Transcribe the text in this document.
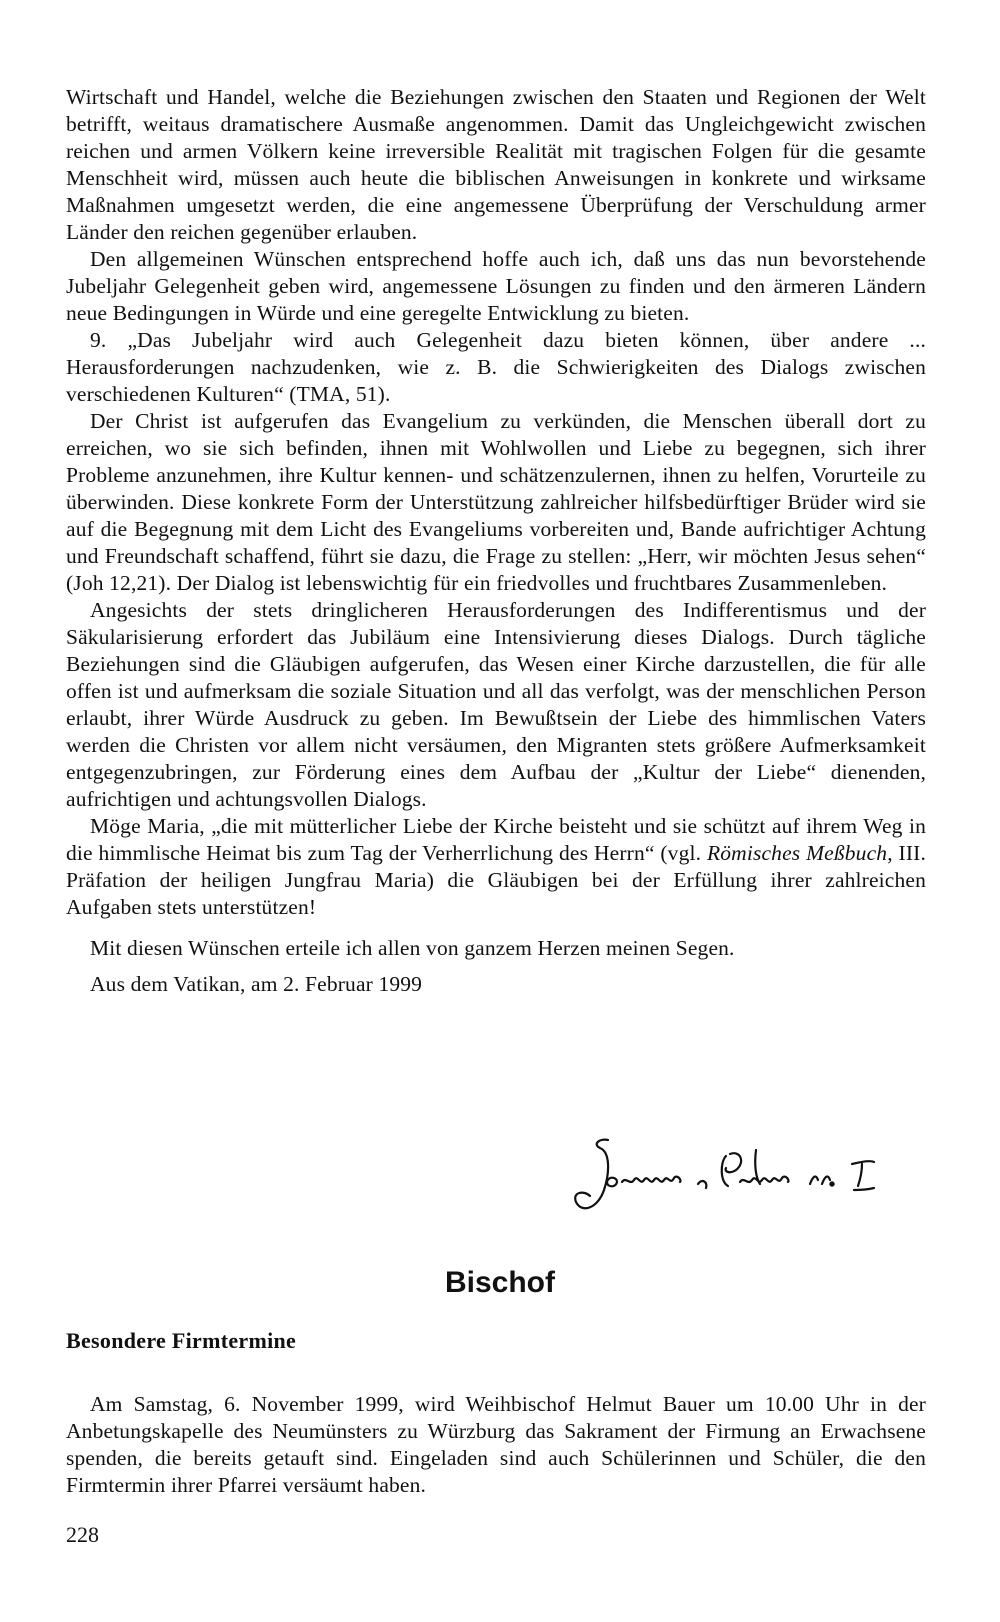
Wirtschaft und Handel, welche die Beziehungen zwischen den Staaten und Regionen der Welt betrifft, weitaus dramatischere Ausmaße angenommen. Damit das Ungleichgewicht zwischen reichen und armen Völkern keine irreversible Realität mit tragischen Folgen für die gesamte Menschheit wird, müssen auch heute die biblischen Anweisungen in konkrete und wirksame Maßnahmen umgesetzt werden, die eine angemessene Überprüfung der Verschuldung armer Länder den reichen gegenüber erlauben.

Den allgemeinen Wünschen entsprechend hoffe auch ich, daß uns das nun bevorstehende Jubeljahr Gelegenheit geben wird, angemessene Lösungen zu finden und den ärmeren Ländern neue Bedingungen in Würde und eine geregelte Entwicklung zu bieten.

9. „Das Jubeljahr wird auch Gelegenheit dazu bieten können, über andere ... Herausforderungen nachzudenken, wie z. B. die Schwierigkeiten des Dialogs zwischen verschiedenen Kulturen“ (TMA, 51).

Der Christ ist aufgerufen das Evangelium zu verkünden, die Menschen überall dort zu erreichen, wo sie sich befinden, ihnen mit Wohlwollen und Liebe zu begegnen, sich ihrer Probleme anzunehmen, ihre Kultur kennen- und schätzenzulernen, ihnen zu helfen, Vorurteile zu überwinden. Diese konkrete Form der Unterstützung zahlreicher hilfsbedürftiger Brüder wird sie auf die Begegnung mit dem Licht des Evangeliums vorbereiten und, Bande aufrichtiger Achtung und Freundschaft schaffend, führt sie dazu, die Frage zu stellen: „Herr, wir möchten Jesus sehen“ (Joh 12,21). Der Dialog ist lebenswichtig für ein friedvolles und fruchtbares Zusammenleben.

Angesichts der stets dringlicheren Herausforderungen des Indifferentismus und der Säkularisierung erfordert das Jubiläum eine Intensivierung dieses Dialogs. Durch tägliche Beziehungen sind die Gläubigen aufgerufen, das Wesen einer Kirche darzustellen, die für alle offen ist und aufmerksam die soziale Situation und all das verfolgt, was der menschlichen Person erlaubt, ihrer Würde Ausdruck zu geben. Im Bewußtsein der Liebe des himmlischen Vaters werden die Christen vor allem nicht versäumen, den Migranten stets größere Aufmerksamkeit entgegenzubringen, zur Förderung eines dem Aufbau der „Kultur der Liebe“ dienenden, aufrichtigen und achtungsvollen Dialogs.

Möge Maria, „die mit mütterlicher Liebe der Kirche beisteht und sie schützt auf ihrem Weg in die himmlische Heimat bis zum Tag der Verherrlichung des Herrn“ (vgl. Römisches Meßbuch, III. Präfation der heiligen Jungfrau Maria) die Gläubigen bei der Erfüllung ihrer zahlreichen Aufgaben stets unterstützen!

Mit diesen Wünschen erteile ich allen von ganzem Herzen meinen Segen.

Aus dem Vatikan, am 2. Februar 1999

Bischof
Besondere Firmtermine

Am Samstag, 6. November 1999, wird Weihbischof Helmut Bauer um 10.00 Uhr in der Anbetungskapelle des Neumünsters zu Würzburg das Sakrament der Firmung an Erwachsene spenden, die bereits getauft sind. Eingeladen sind auch Schülerinnen und Schüler, die den Firmtermin ihrer Pfarrei versäumt haben.

228
